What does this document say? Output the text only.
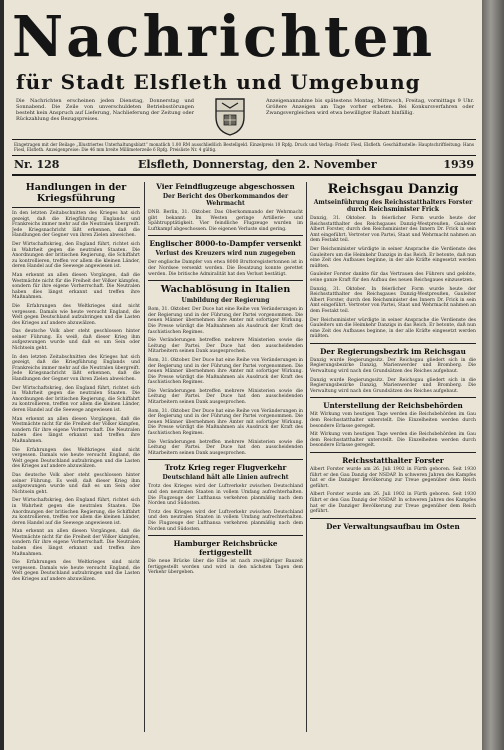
Nachrichten
für Stadt Elsfleth und Umgebung
Die Nachrichten erscheinen jeden Dienstag, Donnerstag und Sonnabend. Die Zeile von unverschuldeten Betriebsstörungen besteht kein Anspruch auf Lieferung, Nachlieferung der Zeitung oder Rückzahlung des Bezugspreises.
Anzeigenannahme bis spätestens Montag, Mittwoch, Freitag, vormittags 9 Uhr. Größere Anzeigen am Tage vorher erbeten. Bei Konkursverfahren oder Zwangsvergleichen wird etwa bewilligter Rabatt hinfällig.
Eingetragen mit der Beilage „Illustriertes Unterhaltungsblatt“ monatlich 1.00 RM ausschließlich Bestellgeld. Einzelpreis 10 Rpfg. Druck und Verlag: Friedr. Fiesl, Elsfleth. Geschäftsstelle: Hauptschriftleitung: Hans Fiesl, Elsfleth. Anzeigenpreise: Die 46 mm breite Millimeterzeile 6 Rpfg. Preisliste Nr. 4 gültig.
Nr. 128	Elsfleth, Donnerstag, den 2. November	1939
Handlungen in der Kriegsführung

In den letzten Zeitabschnitten des Krieges hat sich gezeigt, daß die Kriegführung Englands und Frankreichs immer mehr auf die Neutralen übergreift. Jede Kriegsnachricht läßt erkennen, daß die Handlungen der Gegner von ihren Zielen abweichen.

Der Wirtschaftskrieg, den England führt, richtet sich in Wahrheit gegen die neutralen Staaten. Die Anordnungen der britischen Regierung, die Schiffahrt zu kontrollieren, treffen vor allem die kleinen Länder, deren Handel auf die Seewege angewiesen ist.

Man erkennt an allen diesen Vorgängen, daß die Westmächte nicht für die Freiheit der Völker kämpfen, sondern für ihre eigene Vorherrschaft. Die Neutralen haben dies längst erkannt und treffen ihre Maßnahmen.

Die Erfahrungen des Weltkrieges sind nicht vergessen. Damals wie heute versucht England, die Welt gegen Deutschland aufzubringen und die Lasten des Krieges auf andere abzuwälzen.

Das deutsche Volk aber steht geschlossen hinter seiner Führung. Es weiß, daß dieser Krieg ihm aufgezwungen wurde und daß es um Sein oder Nichtsein geht.

In den letzten Zeitabschnitten des Krieges hat sich gezeigt, daß die Kriegführung Englands und Frankreichs immer mehr auf die Neutralen übergreift. Jede Kriegsnachricht läßt erkennen, daß die Handlungen der Gegner von ihren Zielen abweichen.

Der Wirtschaftskrieg, den England führt, richtet sich in Wahrheit gegen die neutralen Staaten. Die Anordnungen der britischen Regierung, die Schiffahrt zu kontrollieren, treffen vor allem die kleinen Länder, deren Handel auf die Seewege angewiesen ist.

Man erkennt an allen diesen Vorgängen, daß die Westmächte nicht für die Freiheit der Völker kämpfen, sondern für ihre eigene Vorherrschaft. Die Neutralen haben dies längst erkannt und treffen ihre Maßnahmen.

Die Erfahrungen des Weltkrieges sind nicht vergessen. Damals wie heute versucht England, die Welt gegen Deutschland aufzubringen und die Lasten des Krieges auf andere abzuwälzen.

Das deutsche Volk aber steht geschlossen hinter seiner Führung. Es weiß, daß dieser Krieg ihm aufgezwungen wurde und daß es um Sein oder Nichtsein geht.

Der Wirtschaftskrieg, den England führt, richtet sich in Wahrheit gegen die neutralen Staaten. Die Anordnungen der britischen Regierung, die Schiffahrt zu kontrollieren, treffen vor allem die kleinen Länder, deren Handel auf die Seewege angewiesen ist.

Man erkennt an allen diesen Vorgängen, daß die Westmächte nicht für die Freiheit der Völker kämpfen, sondern für ihre eigene Vorherrschaft. Die Neutralen haben dies längst erkannt und treffen ihre Maßnahmen.

Die Erfahrungen des Weltkrieges sind nicht vergessen. Damals wie heute versucht England, die Welt gegen Deutschland aufzubringen und die Lasten des Krieges auf andere abzuwälzen.

Vier Feindflugzeuge abgeschossen
Der Bericht des Oberkommandos der Wehrmacht

DNB. Berlin, 31. Oktober. Das Oberkommando der Wehrmacht gibt bekannt: Im Westen geringe Artillerie- und Spähtrupptätigkeit. Vier feindliche Flugzeuge wurden im Luftkampf abgeschossen. Die eigenen Verluste sind gering.

Englischer 8000-to-Dampfer versenkt
Verlust des Kreuzers wird nun zugegeben

Der englische Dampfer von etwa 8000 Bruttoregistertonnen ist in der Nordsee versenkt worden. Die Besatzung konnte gerettet werden. Die britische Admiralität hat den Verlust bestätigt.

Wachablösung in Italien
Umbildung der Regierung

Rom, 31. Oktober. Der Duce hat eine Reihe von Veränderungen in der Regierung und in der Führung der Partei vorgenommen. Die neuen Männer übernehmen ihre Ämter mit sofortiger Wirkung. Die Presse würdigt die Maßnahmen als Ausdruck der Kraft des faschistischen Regimes.

Die Veränderungen betreffen mehrere Ministerien sowie die Leitung der Partei. Der Duce hat den ausscheidenden Mitarbeitern seinen Dank ausgesprochen.

Rom, 31. Oktober. Der Duce hat eine Reihe von Veränderungen in der Regierung und in der Führung der Partei vorgenommen. Die neuen Männer übernehmen ihre Ämter mit sofortiger Wirkung. Die Presse würdigt die Maßnahmen als Ausdruck der Kraft des faschistischen Regimes.

Die Veränderungen betreffen mehrere Ministerien sowie die Leitung der Partei. Der Duce hat den ausscheidenden Mitarbeitern seinen Dank ausgesprochen.

Rom, 31. Oktober. Der Duce hat eine Reihe von Veränderungen in der Regierung und in der Führung der Partei vorgenommen. Die neuen Männer übernehmen ihre Ämter mit sofortiger Wirkung. Die Presse würdigt die Maßnahmen als Ausdruck der Kraft des faschistischen Regimes.

Die Veränderungen betreffen mehrere Ministerien sowie die Leitung der Partei. Der Duce hat den ausscheidenden Mitarbeitern seinen Dank ausgesprochen.

Trotz Krieg reger Flugverkehr
Deutschland hält alle Linien aufrecht

Trotz des Krieges wird der Luftverkehr zwischen Deutschland und den neutralen Staaten in vollem Umfang aufrechterhalten. Die Flugzeuge der Lufthansa verkehren planmäßig nach dem Norden und Südosten.

Trotz des Krieges wird der Luftverkehr zwischen Deutschland und den neutralen Staaten in vollem Umfang aufrechterhalten. Die Flugzeuge der Lufthansa verkehren planmäßig nach dem Norden und Südosten.

Hamburger Reichsbrücke fertiggestellt

Die neue Brücke über die Elbe ist nach zweijähriger Bauzeit fertiggestellt worden und wird in den nächsten Tagen dem Verkehr übergeben.

Reichsgau Danzig
Amtseinführung des Reichsstatthalters Forster durch Reichsminister Frick

Danzig, 31. Oktober. In feierlicher Form wurde heute der Reichsstatthalter des Reichsgaues Danzig-Westpreußen, Gauleiter Albert Forster, durch den Reichsminister des Innern Dr. Frick in sein Amt eingeführt. Vertreter von Partei, Staat und Wehrmacht nahmen an dem Festakt teil.

Der Reichsminister würdigte in seiner Ansprache die Verdienste des Gauleiters um die Heimkehr Danzigs in das Reich. Er betonte, daß nun eine Zeit des Aufbaues beginne, in der alle Kräfte eingesetzt werden müßten.

Gauleiter Forster dankte für das Vertrauen des Führers und gelobte, seine ganze Kraft für den Aufbau des neuen Reichsgaues einzusetzen.

Danzig, 31. Oktober. In feierlicher Form wurde heute der Reichsstatthalter des Reichsgaues Danzig-Westpreußen, Gauleiter Albert Forster, durch den Reichsminister des Innern Dr. Frick in sein Amt eingeführt. Vertreter von Partei, Staat und Wehrmacht nahmen an dem Festakt teil.

Der Reichsminister würdigte in seiner Ansprache die Verdienste des Gauleiters um die Heimkehr Danzigs in das Reich. Er betonte, daß nun eine Zeit des Aufbaues beginne, in der alle Kräfte eingesetzt werden müßten.

Der Regierungsbezirk im Reichsgau

Danzig wurde Regierungssitz. Der Reichsgau gliedert sich in die Regierungsbezirke Danzig, Marienwerder und Bromberg. Die Verwaltung wird nach den Grundsätzen des Reiches aufgebaut.

Danzig wurde Regierungssitz. Der Reichsgau gliedert sich in die Regierungsbezirke Danzig, Marienwerder und Bromberg. Die Verwaltung wird nach den Grundsätzen des Reiches aufgebaut.

Unterstellung der Reichsbehörden

Mit Wirkung vom heutigen Tage werden die Reichsbehörden im Gau dem Reichsstatthalter unterstellt. Die Einzelheiten werden durch besondere Erlasse geregelt.

Mit Wirkung vom heutigen Tage werden die Reichsbehörden im Gau dem Reichsstatthalter unterstellt. Die Einzelheiten werden durch besondere Erlasse geregelt.

Reichsstatthalter Forster

Albert Forster wurde am 26. Juli 1902 in Fürth geboren. Seit 1930 führt er den Gau Danzig der NSDAP. In schweren Jahren des Kampfes hat er die Danziger Bevölkerung zur Treue gegenüber dem Reich geführt.

Albert Forster wurde am 26. Juli 1902 in Fürth geboren. Seit 1930 führt er den Gau Danzig der NSDAP. In schweren Jahren des Kampfes hat er die Danziger Bevölkerung zur Treue gegenüber dem Reich geführt.

Der Verwaltungsaufbau im Osten
